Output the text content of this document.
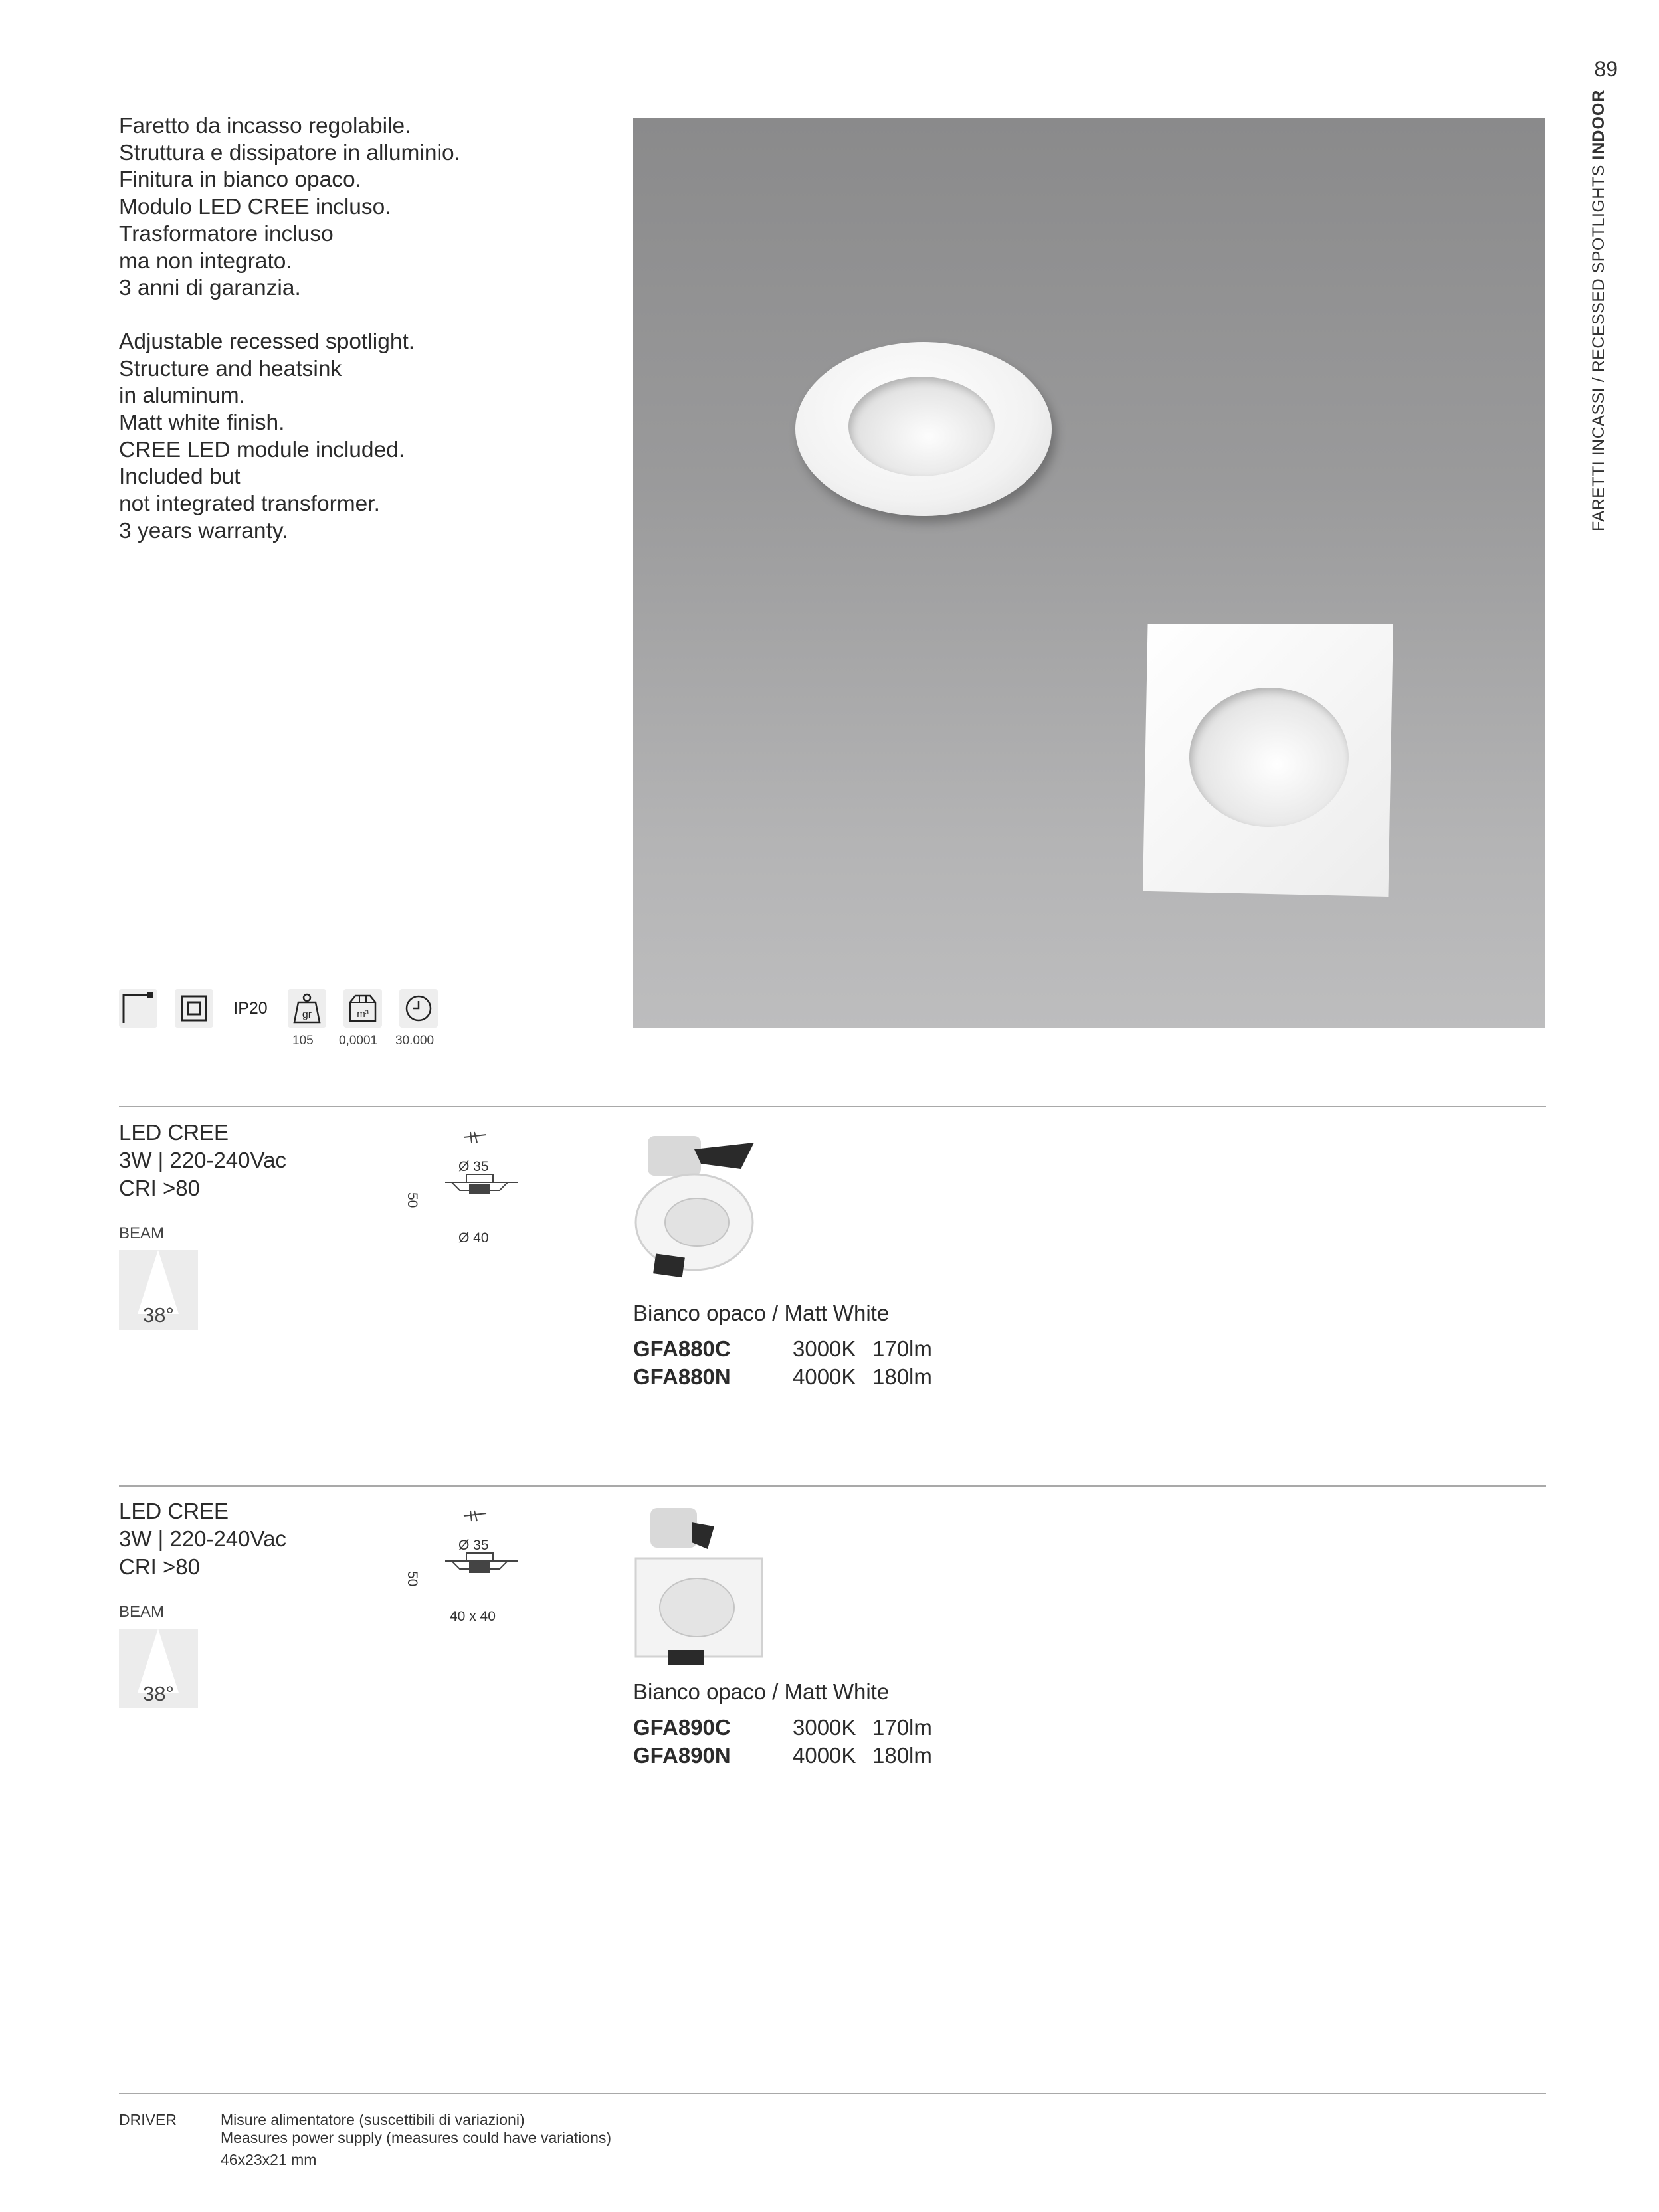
89
FARETTI INCASSI / RECESSED SPOTLIGHTS INDOOR

Faretto da incasso regolabile.

Struttura e dissipatore in alluminio.

Finitura in bianco opaco.

Modulo LED CREE incluso.

Trasformatore incluso

ma non integrato.

3 anni di garanzia.

Adjustable recessed spotlight.

Structure and heatsink

in aluminum.

Matt white finish.

CREE LED module included.

Included but

not integrated transformer.

3 years warranty.

IP20	gr	m³
105 0,0001 30.000

LED CREE

3W | 220-240Vac

CRI >80

BEAM
38°
Ø 35
50
Ø 40
Bianco opaco / Matt White
GFA880C	3000K 170lm
GFA880N	4000K 180lm

LED CREE

3W | 220-240Vac

CRI >80

BEAM
38°
Ø 35
50
40 x 40
Bianco opaco / Matt White
GFA890C	3000K 170lm
GFA890N	4000K 180lm
DRIVER	Misure alimentatore (suscettibili di variazioni)

Measures power supply (measures could have variations)

46x23x21 mm
